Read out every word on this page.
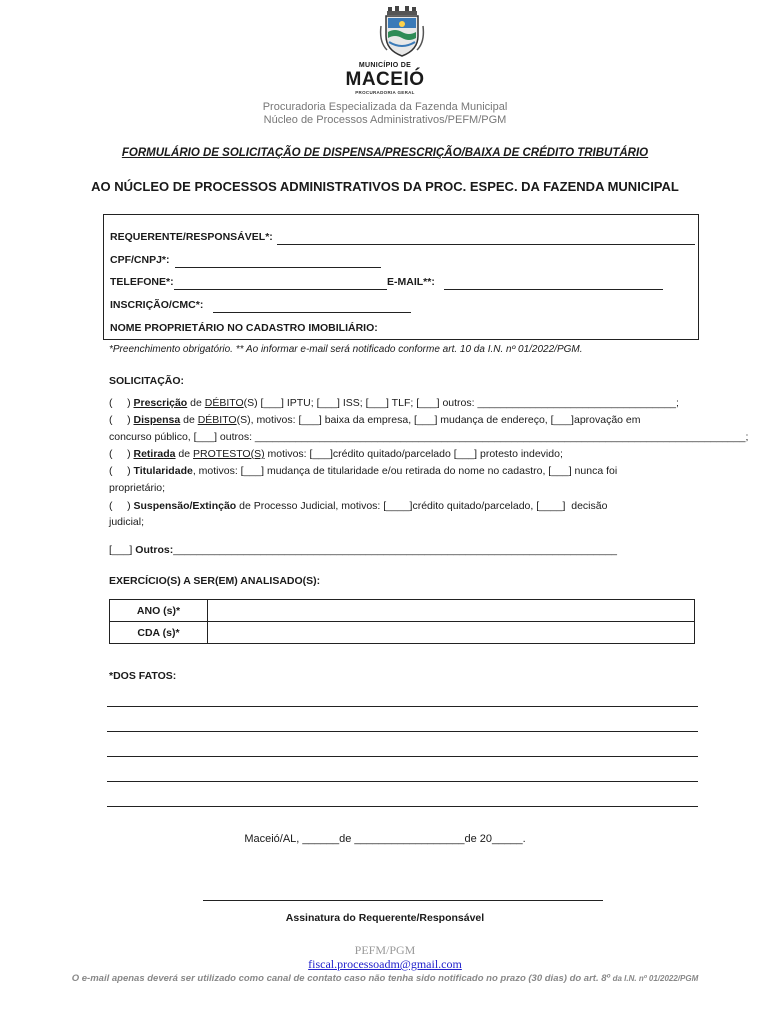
MUNICÍPIO DE
MACEIÓ
PROCURADORIA GERAL
Procuradoria Especializada da Fazenda Municipal
Núcleo de Processos Administrativos/PEFM/PGM
FORMULÁRIO DE SOLICITAÇÃO DE DISPENSA/PRESCRIÇÃO/BAIXA DE CRÉDITO TRIBUTÁRIO
AO NÚCLEO DE PROCESSOS ADMINISTRATIVOS DA PROC. ESPEC. DA FAZENDA MUNICIPAL
REQUERENTE/RESPONSÁVEL*:
CPF/CNPJ*:
TELEFONE*:	E-MAIL**:
INSCRIÇÃO/CMC*:
NOME PROPRIETÁRIO NO CADASTRO IMOBILIÁRIO:
*Preenchimento obrigatório. ** Ao informar e-mail será notificado conforme art. 10 da I.N. nº 01/2022/PGM.
SOLICITAÇÃO:
(     ) Prescrição de DÉBITO(S) [___] IPTU; [___] ISS; [___] TLF; [___] outros: __________________________________;
(     ) Dispensa de DÉBITO(S), motivos: [___] baixa da empresa, [___] mudança de endereço, [___]aprovação em
concurso público, [___] outros: ____________________________________________________________________________________;
(     ) Retirada de PROTESTO(S) motivos: [___]crédito quitado/parcelado [___] protesto indevido;
(     ) Titularidade, motivos: [___] mudança de titularidade e/ou retirada do nome no cadastro, [___] nunca foi
proprietário;
(     ) Suspensão/Extinção de Processo Judicial, motivos: [____]crédito quitado/parcelado, [____]  decisão
judicial;
[___] Outros:____________________________________________________________________________
EXERCÍCIO(S) A SER(EM) ANALISADO(S):
ANO (s)*	
CDA (s)*	
*DOS FATOS:
Maceió/AL, ______de __________________de 20_____.
Assinatura do Requerente/Responsável
PEFM/PGM
fiscal.processoadm@gmail.com
O e-mail apenas deverá ser utilizado como canal de contato caso não tenha sido notificado no prazo (30 dias) do art. 8º da I.N. nº 01/2022/PGM
